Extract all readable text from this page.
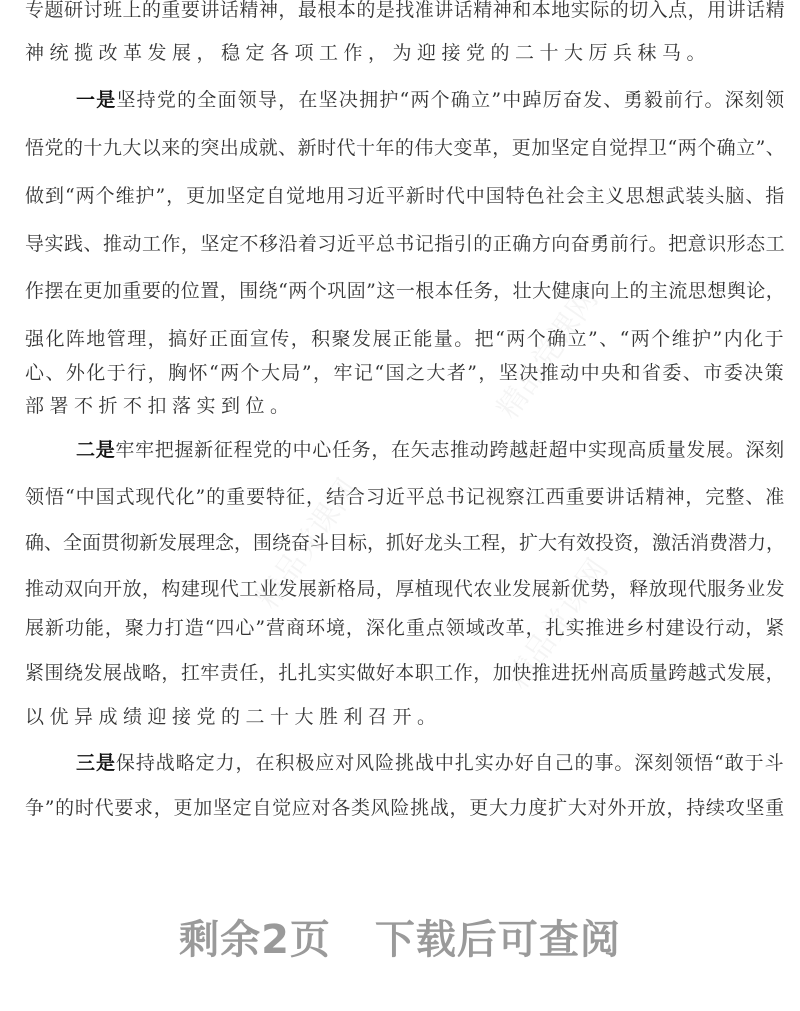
专题研讨班上的重要讲话精神，最根本的是找准讲话精神和本地实际的切入点，用讲话精
神统揽改革发展，稳定各项工作，为迎接党的二十大厉兵秣马。
一是坚持党的全面领导，在坚决拥护“两个确立”中踔厉奋发、勇毅前行。深刻领
悟党的十九大以来的突出成就、新时代十年的伟大变革，更加坚定自觉捍卫“两个确立”、
做到“两个维护”，更加坚定自觉地用习近平新时代中国特色社会主义思想武装头脑、指
导实践、推动工作，坚定不移沿着习近平总书记指引的正确方向奋勇前行。把意识形态工
作摆在更加重要的位置，围绕“两个巩固”这一根本任务，壮大健康向上的主流思想舆论，
强化阵地管理，搞好正面宣传，积聚发展正能量。把“两个确立”、“两个维护”内化于
心、外化于行，胸怀“两个大局”，牢记“国之大者”，坚决推动中央和省委、市委决策
部署不折不扣落实到位。
二是牢牢把握新征程党的中心任务，在矢志推动跨越赶超中实现高质量发展。深刻
领悟“中国式现代化”的重要特征，结合习近平总书记视察江西重要讲话精神，完整、准
确、全面贯彻新发展理念，围绕奋斗目标，抓好龙头工程，扩大有效投资，激活消费潜力，
推动双向开放，构建现代工业发展新格局，厚植现代农业发展新优势，释放现代服务业发
展新功能，聚力打造“四心”营商环境，深化重点领域改革，扎实推进乡村建设行动，紧
紧围绕发展战略，扛牢责任，扎扎实实做好本职工作，加快推进抚州高质量跨越式发展，
以优异成绩迎接党的二十大胜利召开。
三是保持战略定力，在积极应对风险挑战中扎实办好自己的事。深刻领悟“敢于斗
争”的时代要求，更加坚定自觉应对各类风险挑战，更大力度扩大对外开放，持续攻坚重
剩余2页 下载后可查阅
